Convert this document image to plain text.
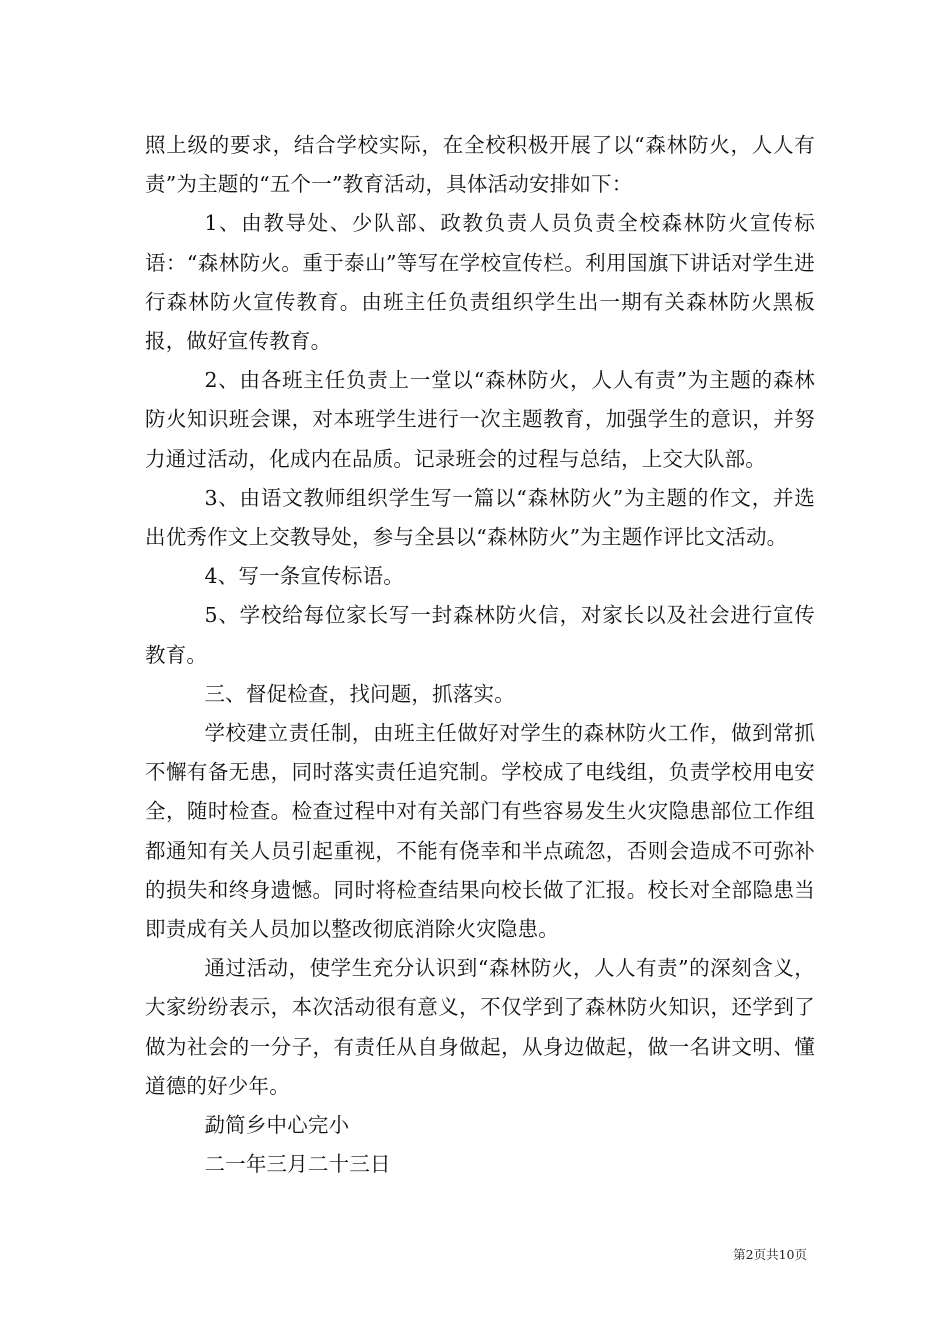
照上级的要求，结合学校实际，在全校积极开展了以“森林防火，人人有责”为主题的“五个一”教育活动，具体活动安排如下：

1、由教导处、少队部、政教负责人员负责全校森林防火宣传标语：“森林防火。重于泰山”等写在学校宣传栏。利用国旗下讲话对学生进行森林防火宣传教育。由班主任负责组织学生出一期有关森林防火黑板报，做好宣传教育。

2、由各班主任负责上一堂以“森林防火，人人有责”为主题的森林防火知识班会课，对本班学生进行一次主题教育，加强学生的意识，并努力通过活动，化成内在品质。记录班会的过程与总结，上交大队部。

3、由语文教师组织学生写一篇以“森林防火”为主题的作文，并选出优秀作文上交教导处，参与全县以“森林防火”为主题作评比文活动。

4、写一条宣传标语。

5、学校给每位家长写一封森林防火信，对家长以及社会进行宣传教育。

三、督促检查，找问题，抓落实。

学校建立责任制，由班主任做好对学生的森林防火工作，做到常抓不懈有备无患，同时落实责任追究制。学校成了电线组，负责学校用电安全，随时检查。检查过程中对有关部门有些容易发生火灾隐患部位工作组都通知有关人员引起重视，不能有侥幸和半点疏忽，否则会造成不可弥补的损失和终身遗憾。同时将检查结果向校长做了汇报。校长对全部隐患当即责成有关人员加以整改彻底消除火灾隐患。

通过活动，使学生充分认识到“森林防火，人人有责”的深刻含义，大家纷纷表示，本次活动很有意义，不仅学到了森林防火知识，还学到了做为社会的一分子，有责任从自身做起，从身边做起，做一名讲文明、懂道德的好少年。

勐简乡中心完小

二一年三月二十三日

第2页共10页
